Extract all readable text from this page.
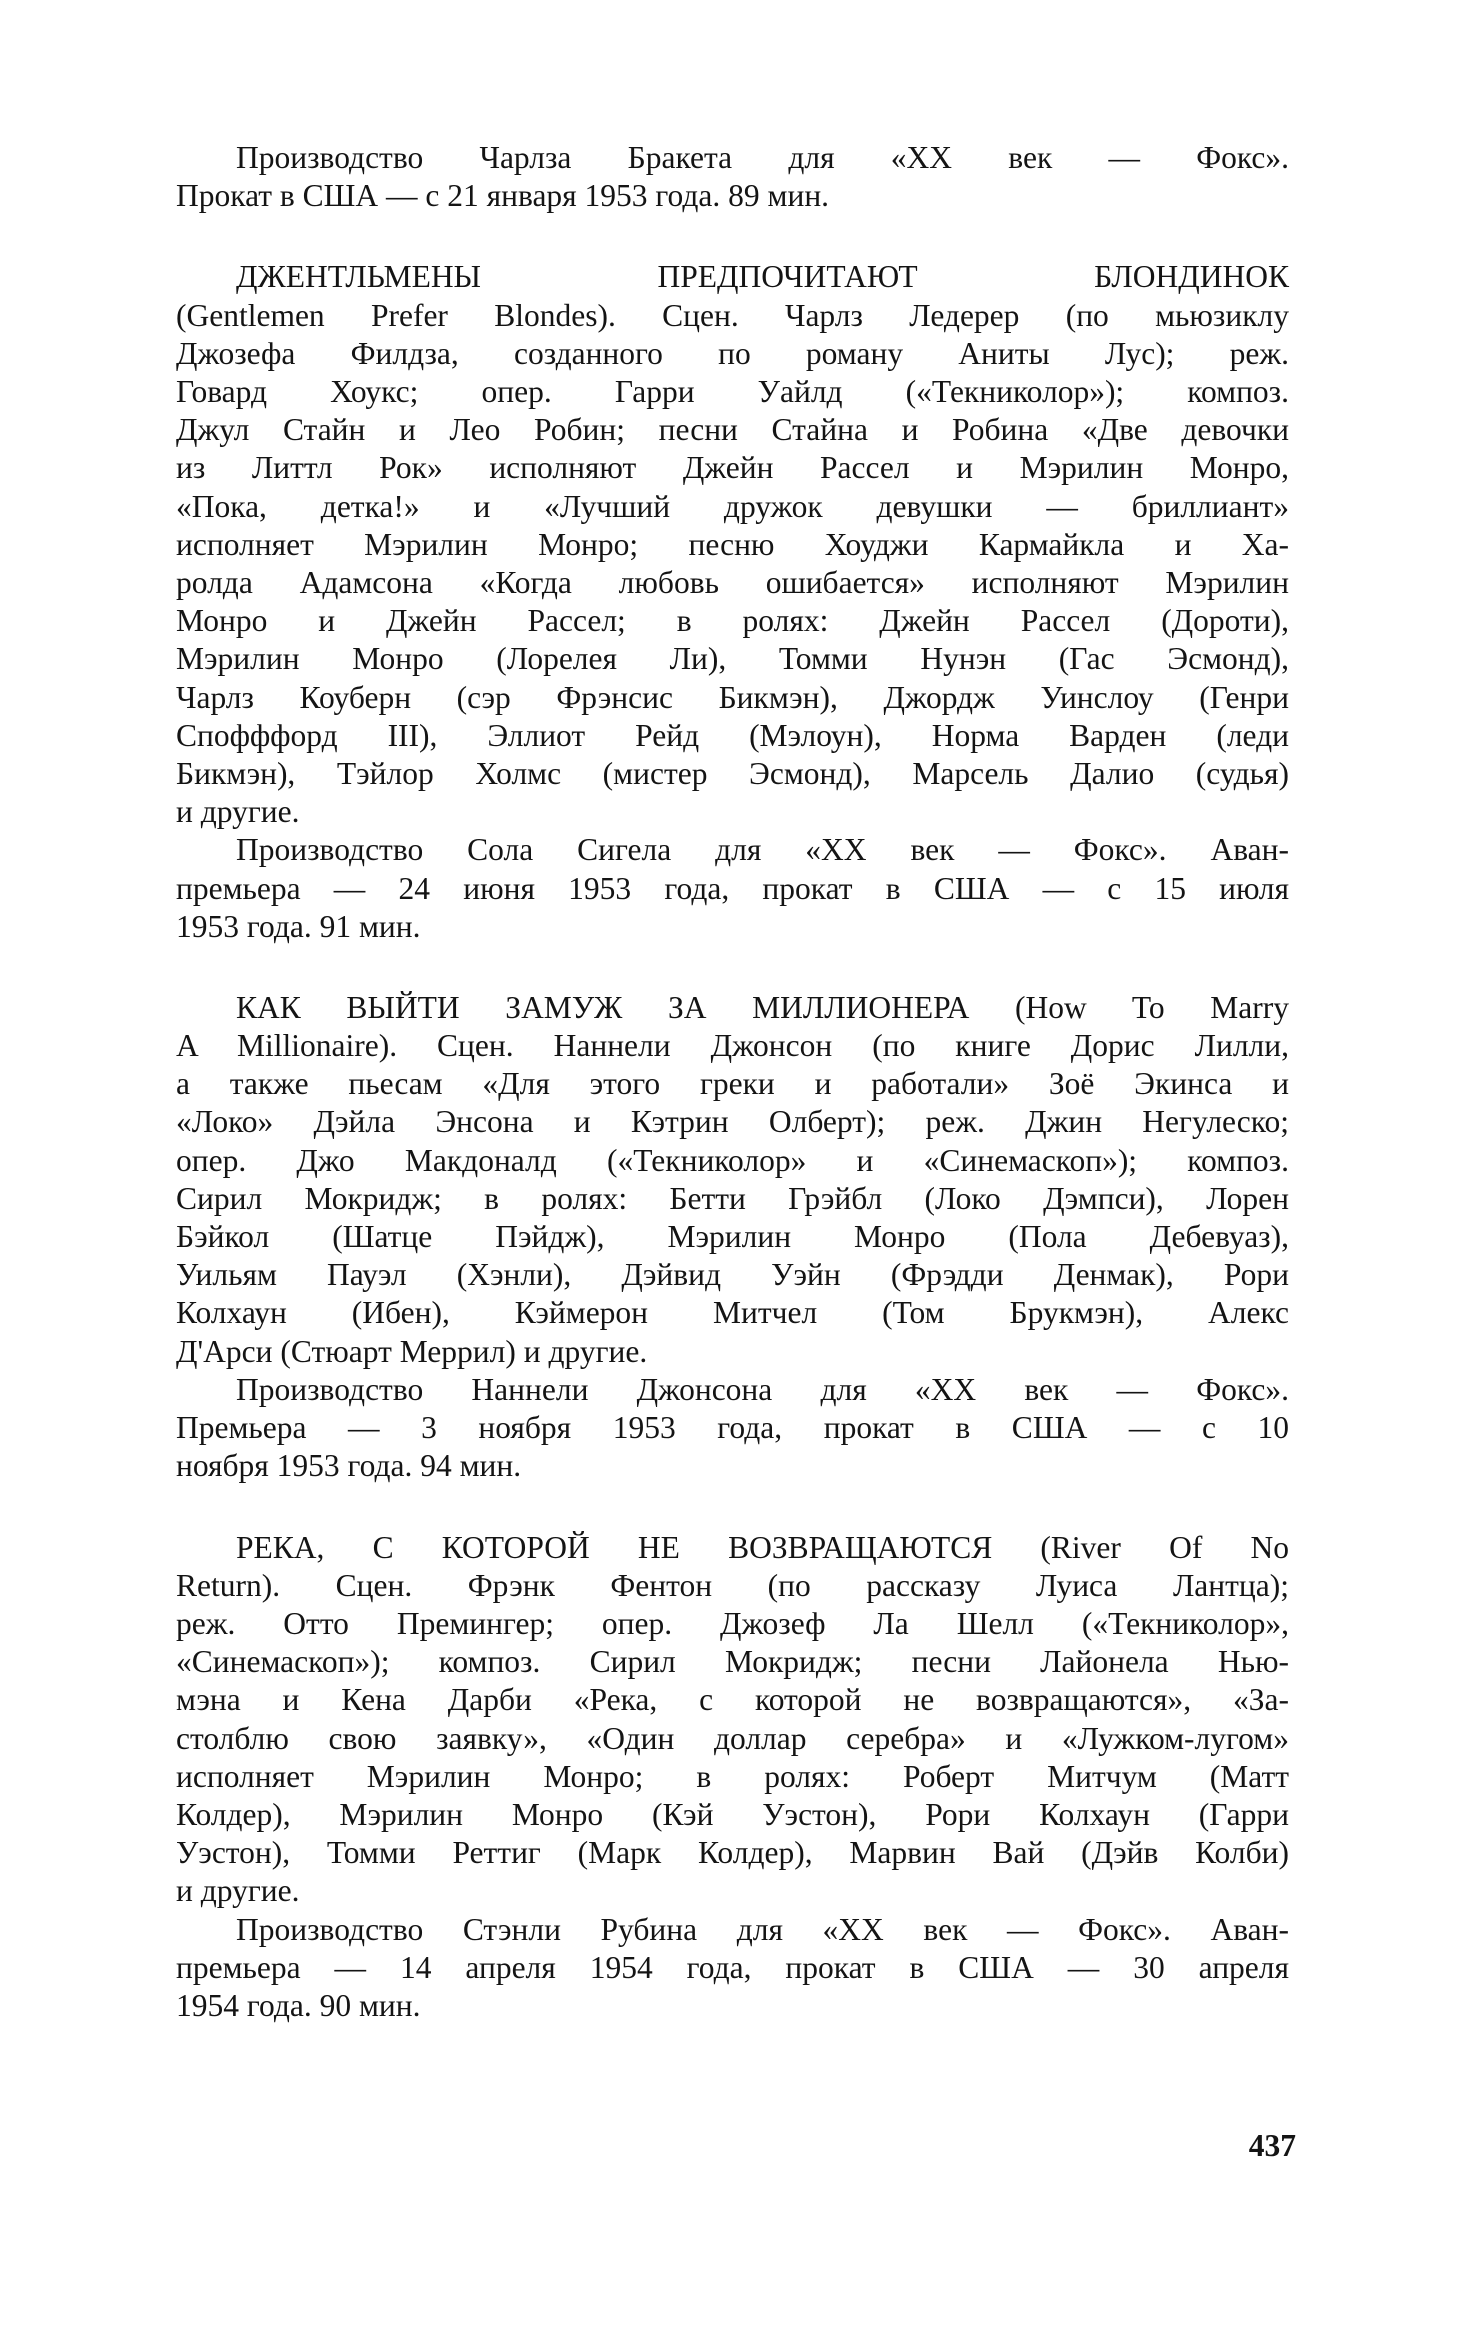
Производство Чарлза Бракета для «XX век — Фокс».
Прокат в США — с 21 января 1953 года. 89 мин.
ДЖЕНТЛЬМЕНЫ ПРЕДПОЧИТАЮТ БЛОНДИНОК
(Gentlemen Prefer Blondes). Сцен. Чарлз Ледерер (по мьюзиклу
Джозефа Филдза, созданного по роману Аниты Лус); реж.
Говард Хоукс; опер. Гарри Уайлд («Текниколор»); композ.
Джул Стайн и Лео Робин; песни Стайна и Робина «Две девочки
из Литтл Рок» исполняют Джейн Рассел и Мэрилин Монро,
«Пока, детка!» и «Лучший дружок девушки — бриллиант»
исполняет Мэрилин Монро; песню Хоуджи Кармайкла и Ха-
ролда Адамсона «Когда любовь ошибается» исполняют Мэрилин
Монро и Джейн Рассел; в ролях: Джейн Рассел (Дороти),
Мэрилин Монро (Лорелея Ли), Томми Нунэн (Гас Эсмонд),
Чарлз Коуберн (сэр Фрэнсис Бикмэн), Джордж Уинслоу (Генри
Спофффорд III), Эллиот Рейд (Мэлоун), Норма Варден (леди
Бикмэн), Тэйлор Холмс (мистер Эсмонд), Марсель Далио (судья)
и другие.
Производство Сола Сигела для «XX век — Фокс». Аван-
премьера — 24 июня 1953 года, прокат в США — с 15 июля
1953 года. 91 мин.
КАК ВЫЙТИ ЗАМУЖ ЗА МИЛЛИОНЕРА (How To Marry
A Millionaire). Сцен. Наннели Джонсон (по книге Дорис Лилли,
а также пьесам «Для этого греки и работали» Зоё Экинса и
«Локо» Дэйла Энсона и Кэтрин Олберт); реж. Джин Негулеско;
опер. Джо Макдоналд («Текниколор» и «Синемаскоп»); композ.
Сирил Мокридж; в ролях: Бетти Грэйбл (Локо Дэмпси), Лорен
Бэйкол (Шатце Пэйдж), Мэрилин Монро (Пола Дебевуаз),
Уильям Пауэл (Хэнли), Дэйвид Уэйн (Фрэдди Денмак), Рори
Колхаун (Ибен), Кэймерон Митчел (Том Брукмэн), Алекс
Д'Арси (Стюарт Меррил) и другие.
Производство Наннели Джонсона для «XX век — Фокс».
Премьера — 3 ноября 1953 года, прокат в США — с 10
ноября 1953 года. 94 мин.
РЕКА, С КОТОРОЙ НЕ ВОЗВРАЩАЮТСЯ (River Of No
Return). Сцен. Фрэнк Фентон (по рассказу Луиса Лантца);
реж. Отто Премингер; опер. Джозеф Ла Шелл («Текниколор»,
«Синемаскоп»); композ. Сирил Мокридж; песни Лайонела Нью-
мэна и Кена Дарби «Река, с которой не возвращаются», «За-
столблю свою заявку», «Один доллар серебра» и «Лужком-лугом»
исполняет Мэрилин Монро; в ролях: Роберт Митчум (Матт
Колдер), Мэрилин Монро (Кэй Уэстон), Рори Колхаун (Гарри
Уэстон), Томми Реттиг (Марк Колдер), Марвин Вай (Дэйв Колби)
и другие.
Производство Стэнли Рубина для «XX век — Фокс». Аван-
премьера — 14 апреля 1954 года, прокат в США — 30 апреля
1954 года. 90 мин.
437
